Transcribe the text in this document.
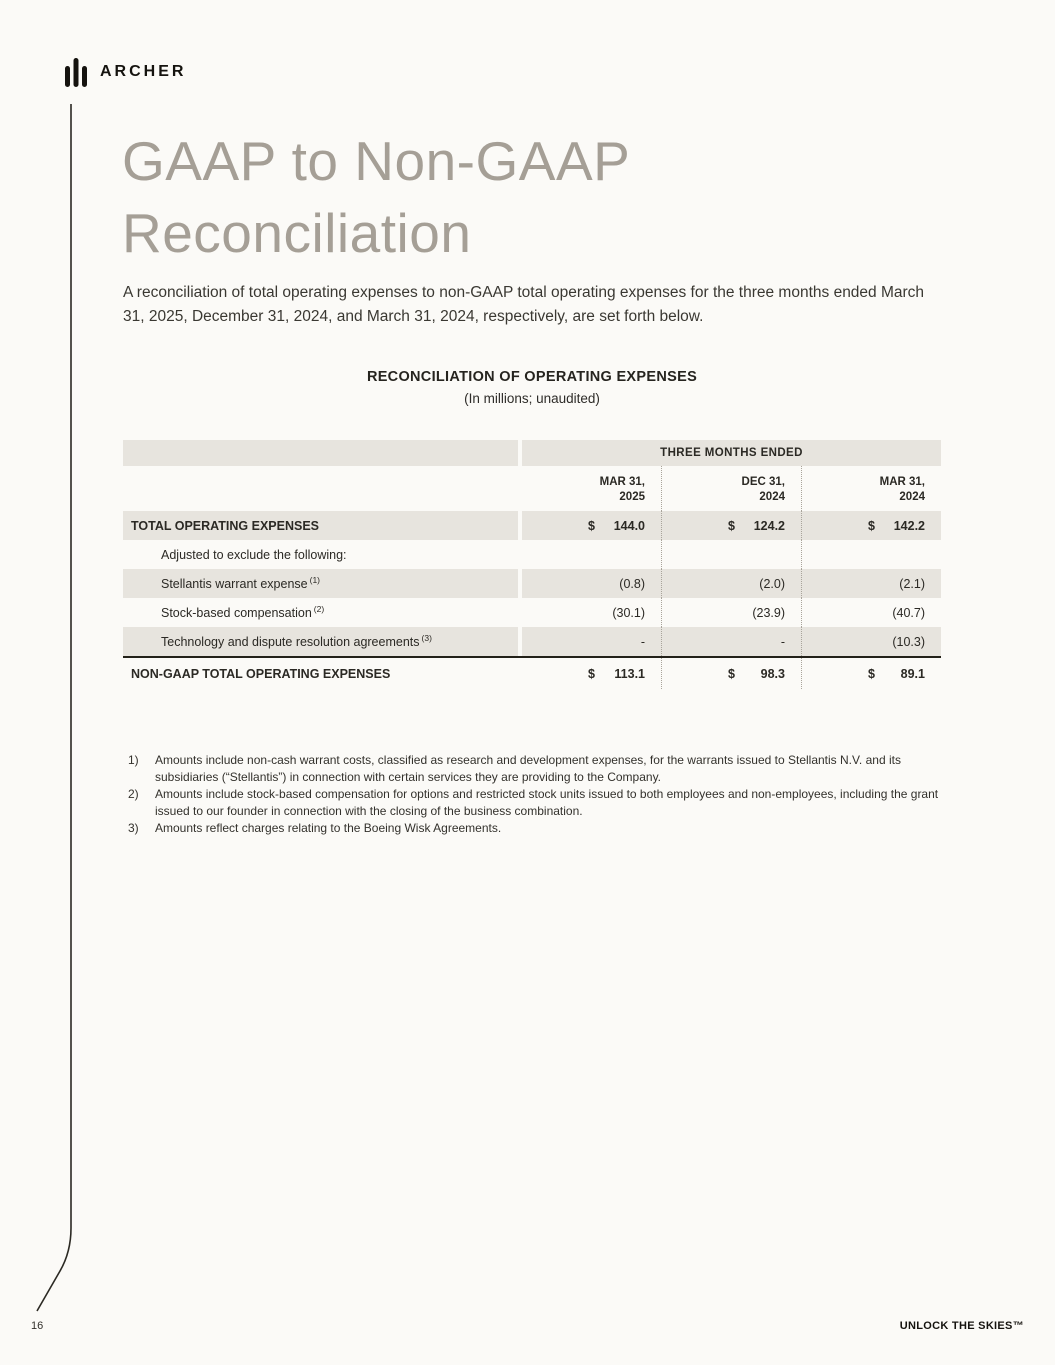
ARCHER
GAAP to Non-GAAP
Reconciliation

A reconciliation of total operating expenses to non-GAAP total operating expenses for the three months ended March 31, 2025, December 31, 2024, and March 31, 2024, respectively, are set forth below.

RECONCILIATION OF OPERATING EXPENSES
(In millions; unaudited)
THREE MONTHS ENDED
MAR 31,
2025
DEC 31,
2024
MAR 31,
2024
TOTAL OPERATING EXPENSES	$ 144.0	$ 124.2	$ 142.2
Adjusted to exclude the following:
Stellantis warrant expense $^{(1)}$	(0.8)	(2.0)	(2.1)
Stock-based compensation $^{(2)}$	(30.1)	(23.9)	(40.7)
Technology and dispute resolution agreements $^{(3)}$	-	-	(10.3)
NON-GAAP TOTAL OPERATING EXPENSES	$ 113.1	$ 98.3	$ 89.1
1)	Amounts include non-cash warrant costs, classified as research and development expenses, for the warrants issued to Stellantis N.V. and its subsidiaries (“Stellantis”) in connection with certain services they are providing to the Company.
2)	Amounts include stock-based compensation for options and restricted stock units issued to both employees and non-employees, including the grant issued to our founder in connection with the closing of the business combination.
3)	Amounts reflect charges relating to the Boeing Wisk Agreements.
16	UNLOCK THE SKIES™
